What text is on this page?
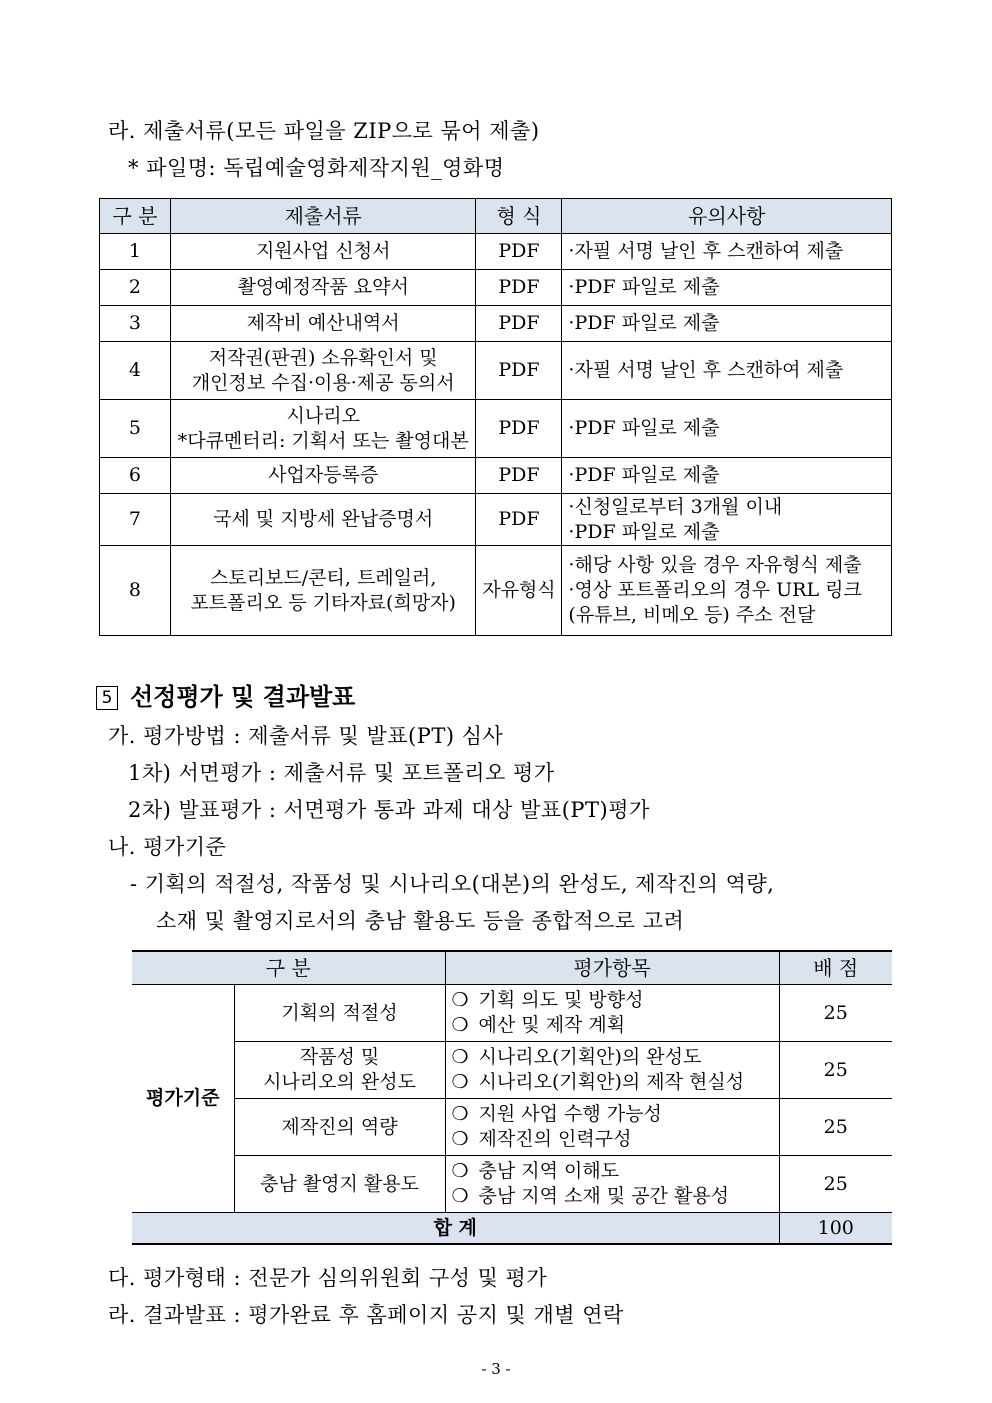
라. 제출서류(모든 파일을 ZIP으로 묶어 제출)
* 파일명: 독립예술영화제작지원_영화명
구 분	제출서류	형 식	유의사항
1	지원사업 신청서	PDF	·자필 서명 날인 후 스캔하여 제출

2	촬영예정작품 요약서	PDF	·PDF 파일로 제출

3	제작비 예산내역서	PDF	·PDF 파일로 제출

4	저작권(판권) 소유확인서 및
개인정보 수집·이용·제공 동의서	PDF	·자필 서명 날인 후 스캔하여 제출

5	시나리오
*다큐멘터리: 기획서 또는 촬영대본	PDF	·PDF 파일로 제출

6	사업자등록증	PDF	·PDF 파일로 제출

7	국세 및 지방세 완납증명서	PDF	·신청일로부터 3개월 이내
·PDF 파일로 제출

8	스토리보드/콘티, 트레일러,
포트폴리오 등 기타자료(희망자)	자유형식	·해당 사항 있을 경우 자유형식 제출
·영상 포트폴리오의 경우 URL 링크
(유튜브, 비메오 등) 주소 전달
5 선정평가 및 결과발표
가. 평가방법 : 제출서류 및 발표(PT) 심사
1차) 서면평가 : 제출서류 및 포트폴리오 평가
2차) 발표평가 : 서면평가 통과 과제 대상 발표(PT)평가
나. 평가기준
- 기획의 적절성, 작품성 및 시나리오(대본)의 완성도, 제작진의 역량,
소재 및 촬영지로서의 충남 활용도 등을 종합적으로 고려
구 분		평가항목	배 점
평가기준	기획의 적절성	❍ 기획 의도 및 방향성
❍ 예산 및 제작 계획	25

	작품성 및
시나리오의 완성도	❍ 시나리오(기획안)의 완성도
❍ 시나리오(기획안)의 제작 현실성	25

	제작진의 역량	❍ 지원 사업 수행 가능성
❍ 제작진의 인력구성	25

	충남 촬영지 활용도	❍ 충남 지역 이해도
❍ 충남 지역 소재 및 공간 활용성	25
합 계			100
다. 평가형태 : 전문가 심의위원회 구성 및 평가
라. 결과발표 : 평가완료 후 홈페이지 공지 및 개별 연락
- 3 -
